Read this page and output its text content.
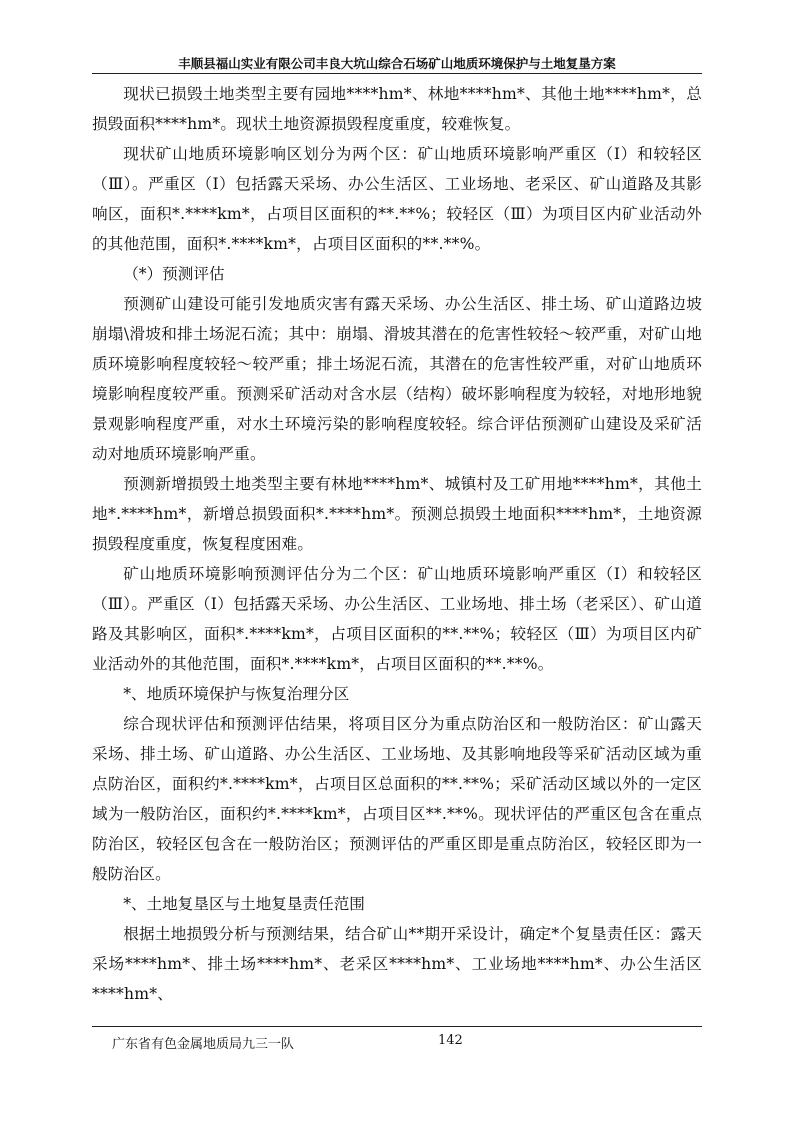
丰顺县福山实业有限公司丰良大坑山综合石场矿山地质环境保护与土地复垦方案

现状已损毁土地类型主要有园地****hm*、林地****hm*、其他土地****hm*，总损毁面积****hm*。现状土地资源损毁程度重度，较难恢复。

现状矿山地质环境影响区划分为两个区：矿山地质环境影响严重区（Ⅰ）和较轻区（Ⅲ）。严重区（Ⅰ）包括露天采场、办公生活区、工业场地、老采区、矿山道路及其影响区，面积*.****km*，占项目区面积的**.**%；较轻区（Ⅲ）为项目区内矿业活动外的其他范围，面积*.****km*，占项目区面积的**.**%。

（*）预测评估

预测矿山建设可能引发地质灾害有露天采场、办公生活区、排土场、矿山道路边坡崩塌\滑坡和排土场泥石流；其中：崩塌、滑坡其潜在的危害性较轻～较严重，对矿山地质环境影响程度较轻～较严重；排土场泥石流，其潜在的危害性较严重，对矿山地质环境影响程度较严重。预测采矿活动对含水层（结构）破坏影响程度为较轻，对地形地貌景观影响程度严重，对水土环境污染的影响程度较轻。综合评估预测矿山建设及采矿活动对地质环境影响严重。

预测新增损毁土地类型主要有林地****hm*、城镇村及工矿用地****hm*，其他土地*.****hm*，新增总损毁面积*.****hm*。预测总损毁土地面积****hm*，土地资源损毁程度重度，恢复程度困难。

矿山地质环境影响预测评估分为二个区：矿山地质环境影响严重区（Ⅰ）和较轻区（Ⅲ）。严重区（Ⅰ）包括露天采场、办公生活区、工业场地、排土场（老采区）、矿山道路及其影响区，面积*.****km*，占项目区面积的**.**%；较轻区（Ⅲ）为项目区内矿业活动外的其他范围，面积*.****km*，占项目区面积的**.**%。

*、地质环境保护与恢复治理分区

综合现状评估和预测评估结果，将项目区分为重点防治区和一般防治区：矿山露天采场、排土场、矿山道路、办公生活区、工业场地、及其影响地段等采矿活动区域为重点防治区，面积约*.****km*，占项目区总面积的**.**%；采矿活动区域以外的一定区域为一般防治区，面积约*.****km*，占项目区**.**%。现状评估的严重区包含在重点防治区，较轻区包含在一般防治区；预测评估的严重区即是重点防治区，较轻区即为一般防治区。

*、土地复垦区与土地复垦责任范围

根据土地损毁分析与预测结果，结合矿山**期开采设计，确定*个复垦责任区：露天采场****hm*、排土场****hm*、老采区****hm*、工业场地****hm*、办公生活区****hm*、

广东省有色金属地质局九三一队	142
